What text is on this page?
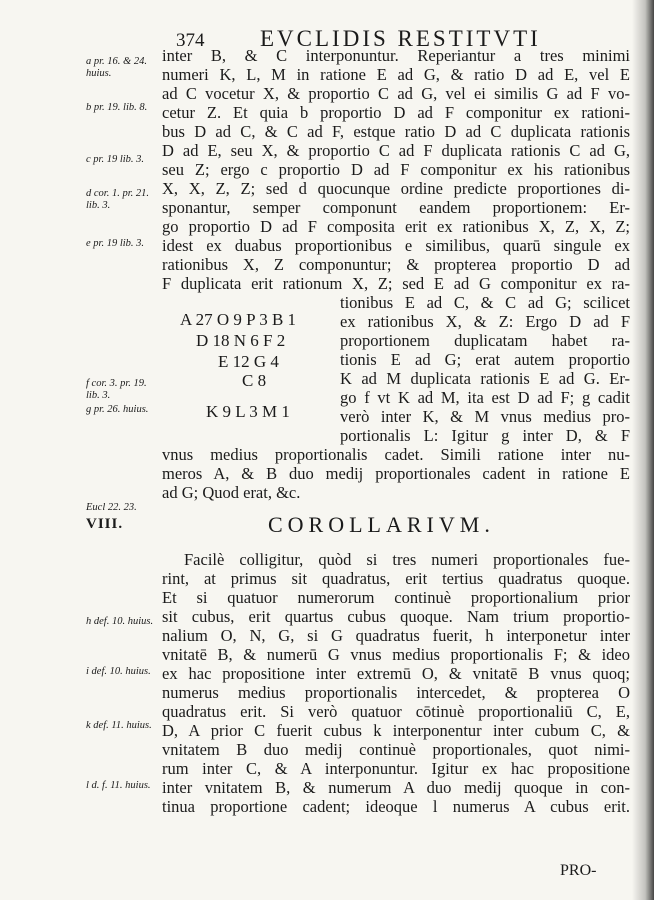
374 EVCLIDIS RESTITVTI
a pr. 16. & 24. huius.
b pr. 19. lib. 8.
c pr. 19 lib. 3.
d cor. 1. pr. 21. lib. 3.
e pr. 19 lib. 3.
f cor. 3. pr. 19. lib. 3.
g pr. 26. huius.
Eucl 22. 23.
h def. 10. huius.
i def. 10. huius.
k def. 11. huius.
l d. f. 11. huius.
inter B, & C interponuntur. Reperiantur a tres minimi
numeri K, L, M in ratione E ad G, & ratio D ad E, vel E
ad C vocetur X, & proportio C ad G, vel ei similis G ad F vo-
cetur Z. Et quia b proportio D ad F componitur ex rationi-
bus D ad C, & C ad F, estque ratio D ad C duplicata rationis
D ad E, seu X, & proportio C ad F duplicata rationis C ad G,
seu Z; ergo c proportio D ad F componitur ex his rationibus
X, X, Z, Z; sed d quocunque ordine predicte proportiones di-
sponantur, semper componunt eandem proportionem: Er-
go proportio D ad F composita erit ex rationibus X, Z, X, Z;
idest ex duabus proportionibus e similibus, quarū singule ex
rationibus X, Z componuntur; & propterea proportio D ad
F duplicata erit rationum X, Z; sed E ad G componitur ex ra-
A 27 O 9 P 3 B 1
D 18 N 6 F 2
E 12 G 4
C 8
K 9 L 3 M 1
tionibus E ad C, & C ad G; scilicet
ex rationibus X, & Z: Ergo D ad F
proportionem duplicatam habet ra-
tionis E ad G; erat autem proportio
K ad M duplicata rationis E ad G. Er-
go f vt K ad M, ita est D ad F; g cadit
verò inter K, & M vnus medius pro-
portionalis L: Igitur g inter D, & F
vnus medius proportionalis cadet. Simili ratione inter nu-
meros A, & B duo medij proportionales cadent in ratione E
ad G; Quod erat, &c.
VIII.	COROLLARIVM.
Facilè colligitur, quòd si tres numeri proportionales fue-
rint, at primus sit quadratus, erit tertius quadratus quoque.
Et si quatuor numerorum continuè proportionalium prior
sit cubus, erit quartus cubus quoque. Nam trium proportio-
nalium O, N, G, si G quadratus fuerit, h interponetur inter
vnitatē B, & numerū G vnus medius proportionalis F; & ideo
ex hac propositione inter extremū O, & vnitatē B vnus quoq;
numerus medius proportionalis intercedet, & propterea O
quadratus erit. Si verò quatuor cōtinuè proportionaliū C, E,
D, A prior C fuerit cubus k interponentur inter cubum C, &
vnitatem B duo medij continuè proportionales, quot nimi-
rum inter C, & A interponuntur. Igitur ex hac propositione
inter vnitatem B, & numerum A duo medij quoque in con-
tinua proportione cadent; ideoque l numerus A cubus erit.
PRO-
